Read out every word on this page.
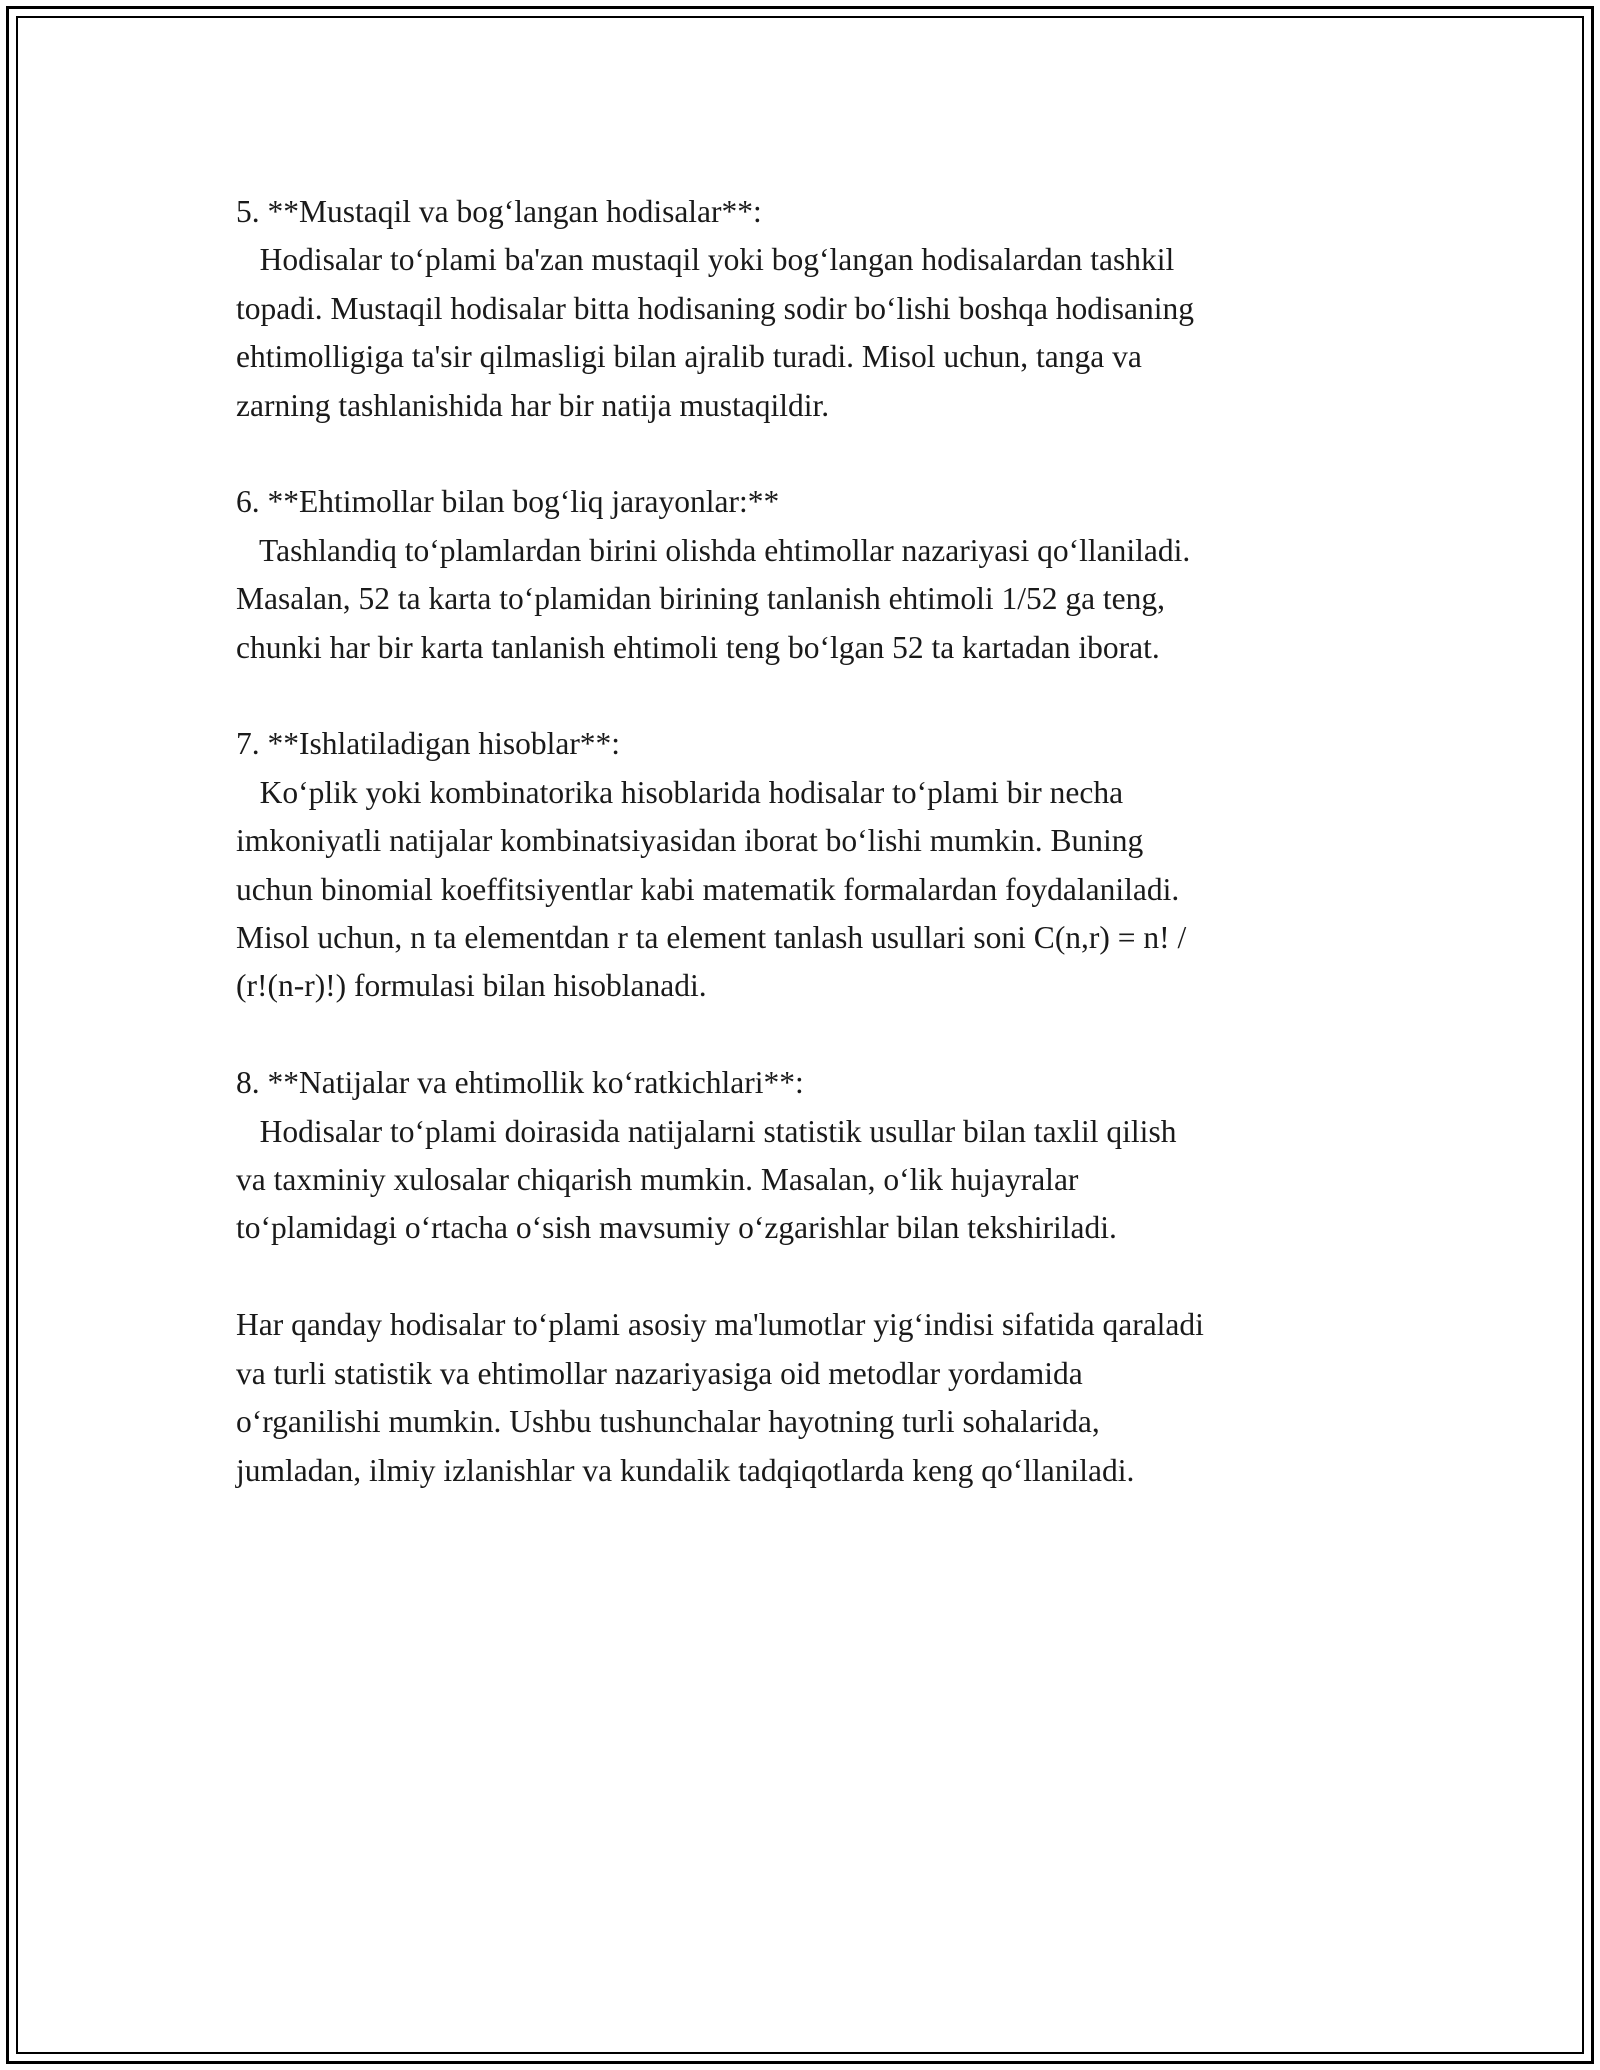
5. **Mustaqil va bog‘langan hodisalar**:
Hodisalar to‘plami ba'zan mustaqil yoki bog‘langan hodisalardan tashkil
topadi. Mustaqil hodisalar bitta hodisaning sodir bo‘lishi boshqa hodisaning
ehtimolligiga ta'sir qilmasligi bilan ajralib turadi. Misol uchun, tanga va
zarning tashlanishida har bir natija mustaqildir.
6. **Ehtimollar bilan bog‘liq jarayonlar:**
Tashlandiq to‘plamlardan birini olishda ehtimollar nazariyasi qo‘llaniladi.
Masalan, 52 ta karta to‘plamidan birining tanlanish ehtimoli 1/52 ga teng,
chunki har bir karta tanlanish ehtimoli teng bo‘lgan 52 ta kartadan iborat.
7. **Ishlatiladigan hisoblar**:
Ko‘plik yoki kombinatorika hisoblarida hodisalar to‘plami bir necha
imkoniyatli natijalar kombinatsiyasidan iborat bo‘lishi mumkin. Buning
uchun binomial koeffitsiyentlar kabi matematik formalardan foydalaniladi.
Misol uchun, n ta elementdan r ta element tanlash usullari soni C(n,r) = n! /
(r!(n-r)!) formulasi bilan hisoblanadi.
8. **Natijalar va ehtimollik ko‘ratkichlari**:
Hodisalar to‘plami doirasida natijalarni statistik usullar bilan taxlil qilish
va taxminiy xulosalar chiqarish mumkin. Masalan, o‘lik hujayralar
to‘plamidagi o‘rtacha o‘sish mavsumiy o‘zgarishlar bilan tekshiriladi.
Har qanday hodisalar to‘plami asosiy ma'lumotlar yig‘indisi sifatida qaraladi
va turli statistik va ehtimollar nazariyasiga oid metodlar yordamida
o‘rganilishi mumkin. Ushbu tushunchalar hayotning turli sohalarida,
jumladan, ilmiy izlanishlar va kundalik tadqiqotlarda keng qo‘llaniladi.
